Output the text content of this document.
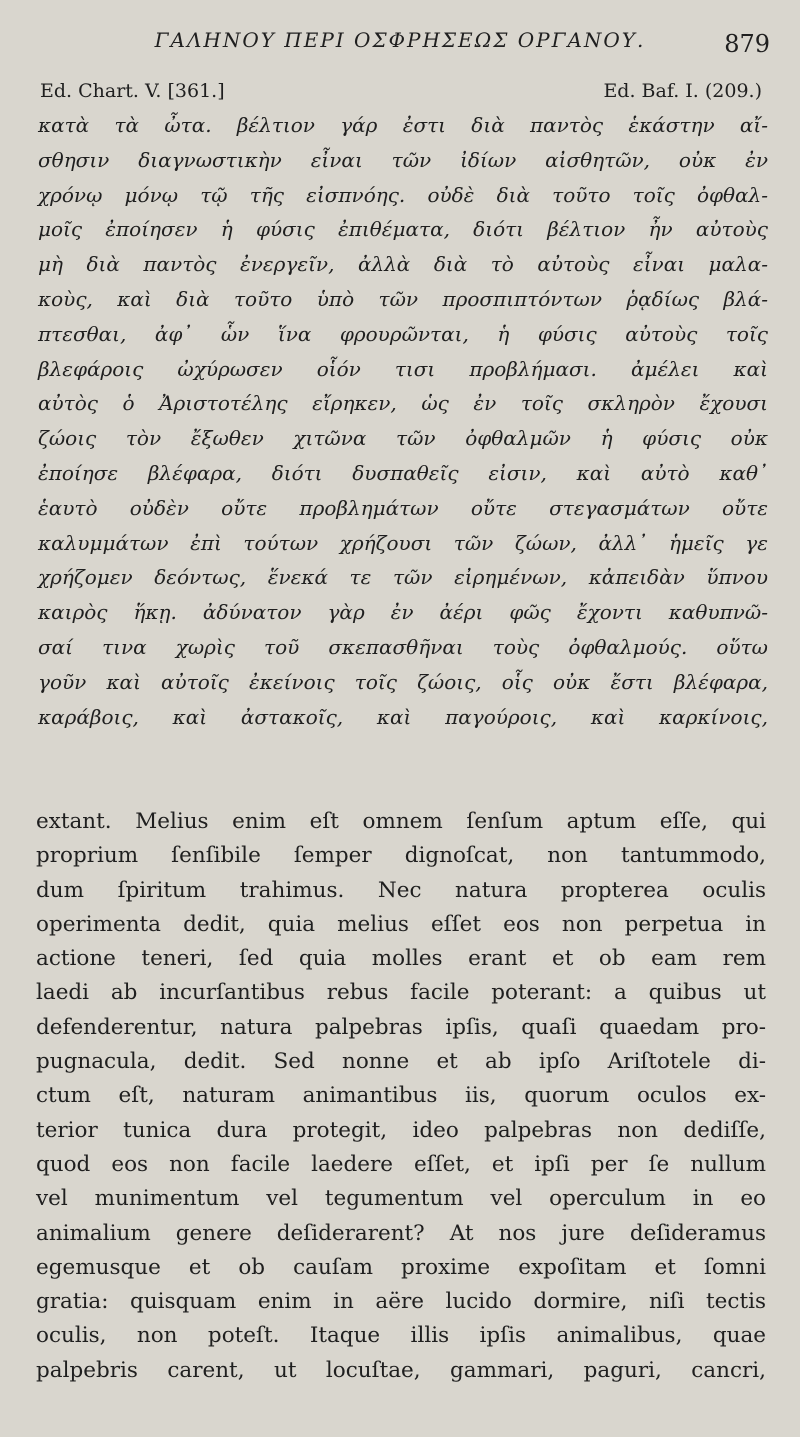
ΓΑΛΗΝΟΥ ΠΕΡΙ ΟΣΦΡΗΣΕΩΣ ΟΡΓΑΝΟΥ.	879
Ed. Chart. V. [361.]	Ed. Baf. I. (209.)
κατὰ τὰ ὦτα. βέλτιον γάρ ἐστι διὰ παντὸς ἑκάστην αἴ-
σθησιν διαγνωστικὴν εἶναι τῶν ἰδίων αἰσθητῶν, οὐκ ἐν
χρόνῳ μόνῳ τῷ τῆς εἰσπνόης. οὐδὲ διὰ τοῦτο τοῖς ὀφθαλ-
μοῖς ἐποίησεν ἡ φύσις ἐπιθέματα, διότι βέλτιον ἦν αὐτοὺς
μὴ διὰ παντὸς ἐνεργεῖν, ἀλλὰ διὰ τὸ αὐτοὺς εἶναι μαλα-
κοὺς, καὶ διὰ τοῦτο ὑπὸ τῶν προσπιπτόντων ῥᾳδίως βλά-
πτεσθαι, ἀφ᾽ ὧν ἵνα φρουρῶνται, ἡ φύσις αὐτοὺς τοῖς
βλεφάροις ὠχύρωσεν οἷόν τισι προβλήμασι. ἀμέλει καὶ
αὐτὸς ὁ Ἀριστοτέλης εἴρηκεν, ὡς ἐν τοῖς σκληρὸν ἔχουσι
ζώοις τὸν ἔξωθεν χιτῶνα τῶν ὀφθαλμῶν ἡ φύσις οὐκ
ἐποίησε βλέφαρα, διότι δυσπαθεῖς εἰσιν, καὶ αὐτὸ καθ᾽
ἑαυτὸ οὐδὲν οὔτε προβλημάτων οὔτε στεγασμάτων οὔτε
καλυμμάτων ἐπὶ τούτων χρήζουσι τῶν ζώων, ἀλλ᾽ ἡμεῖς γε
χρήζομεν δεόντως, ἕνεκά τε τῶν εἰρημένων, κἀπειδὰν ὕπνου
καιρὸς ἥκῃ. ἀδύνατον γὰρ ἐν ἀέρι φῶς ἔχοντι καθυπνῶ-
σαί τινα χωρὶς τοῦ σκεπασθῆναι τοὺς ὀφθαλμούς. οὕτω
γοῦν καὶ αὐτοῖς ἐκείνοις τοῖς ζώοις, οἷς οὐκ ἔστι βλέφαρα,
καράβοις, καὶ ἀστακοῖς, καὶ παγούροις, καὶ καρκίνοις,
extant. Melius enim eſt omnem ſenſum aptum eſſe, qui
proprium ſenſibile ſemper dignoſcat, non tantummodo,
dum ſpiritum trahimus. Nec natura propterea oculis
operimenta dedit, quia melius eſſet eos non perpetua in
actione teneri, ſed quia molles erant et ob eam rem
laedi ab incurſantibus rebus facile poterant: a quibus ut
defenderentur, natura palpebras ipſis, quaſi quaedam pro-
pugnacula, dedit. Sed nonne et ab ipſo Ariſtotele di-
ctum eſt, naturam animantibus iis, quorum oculos ex-
terior tunica dura protegit, ideo palpebras non dediſſe,
quod eos non facile laedere eſſet, et ipſi per ſe nullum
vel munimentum vel tegumentum vel operculum in eo
animalium genere deſiderarent? At nos jure deſideramus
egemusque et ob cauſam proxime expoſitam et ſomni
gratia: quisquam enim in aëre lucido dormire, niſi tectis
oculis, non poteſt. Itaque illis ipſis animalibus, quae
palpebris carent, ut locuſtae, gammari, paguri, cancri,
